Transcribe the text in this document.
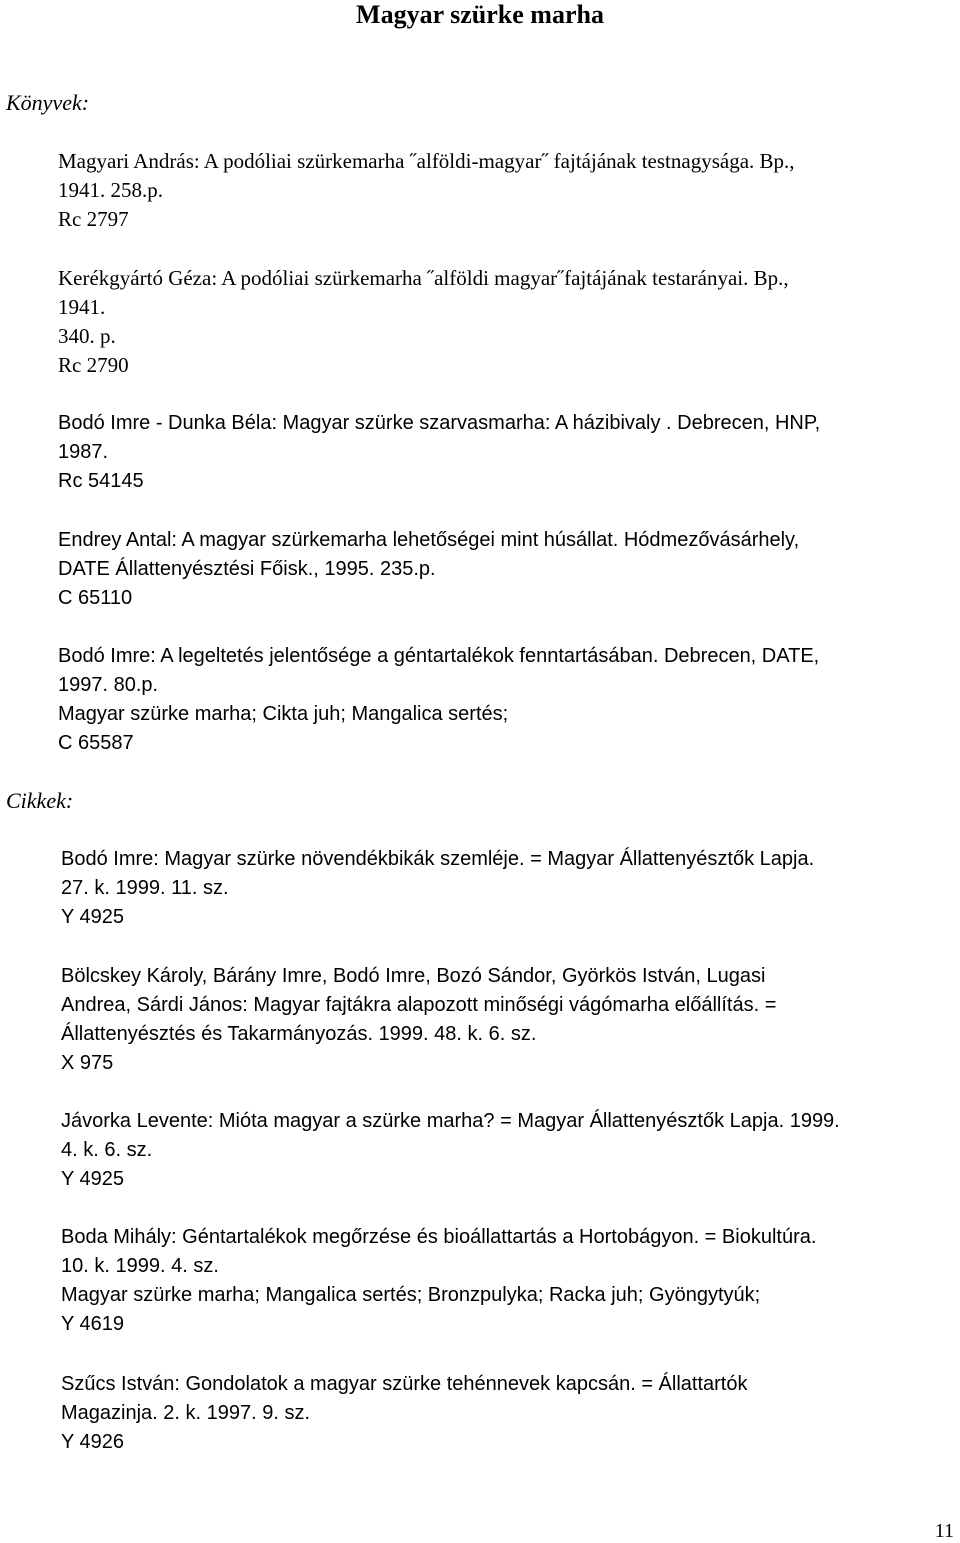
Magyar szürke marha
Könyvek:
Magyari András: A podóliai szürkemarha ˝alföldi-magyar˝ fajtájának testnagysága. Bp.,
1941. 258.p.
Rc 2797
Kerékgyártó Géza: A podóliai szürkemarha ˝alföldi magyar˝fajtájának testarányai. Bp.,
1941.
340. p.
Rc 2790
Bodó Imre - Dunka Béla: Magyar szürke szarvasmarha: A házibivaly . Debrecen, HNP,
1987.
Rc 54145
Endrey Antal: A magyar szürkemarha lehetőségei mint húsállat. Hódmezővásárhely,
DATE Állattenyésztési Főisk., 1995. 235.p.
C 65110
Bodó Imre: A legeltetés jelentősége a géntartalékok fenntartásában. Debrecen, DATE,
1997. 80.p.
Magyar szürke marha; Cikta juh; Mangalica sertés;
C 65587
Cikkek:
Bodó Imre: Magyar szürke növendékbikák szemléje. = Magyar Állattenyésztők Lapja.
27. k. 1999. 11. sz.
Y 4925
Bölcskey Károly, Bárány Imre, Bodó Imre, Bozó Sándor, Györkös István, Lugasi
Andrea, Sárdi János: Magyar fajtákra alapozott minőségi vágómarha előállítás. =
Állattenyésztés és Takarmányozás. 1999. 48. k. 6. sz.
X 975
Jávorka Levente: Mióta magyar a szürke marha? = Magyar Állattenyésztők Lapja. 1999.
4. k. 6. sz.
Y 4925
Boda Mihály: Géntartalékok megőrzése és bioállattartás a Hortobágyon. = Biokultúra.
10. k. 1999. 4. sz.
Magyar szürke marha; Mangalica sertés; Bronzpulyka; Racka juh; Gyöngytyúk;
Y 4619
Szűcs István: Gondolatok a magyar szürke tehénnevek kapcsán. = Állattartók
Magazinja. 2. k. 1997. 9. sz.
Y 4926
11
